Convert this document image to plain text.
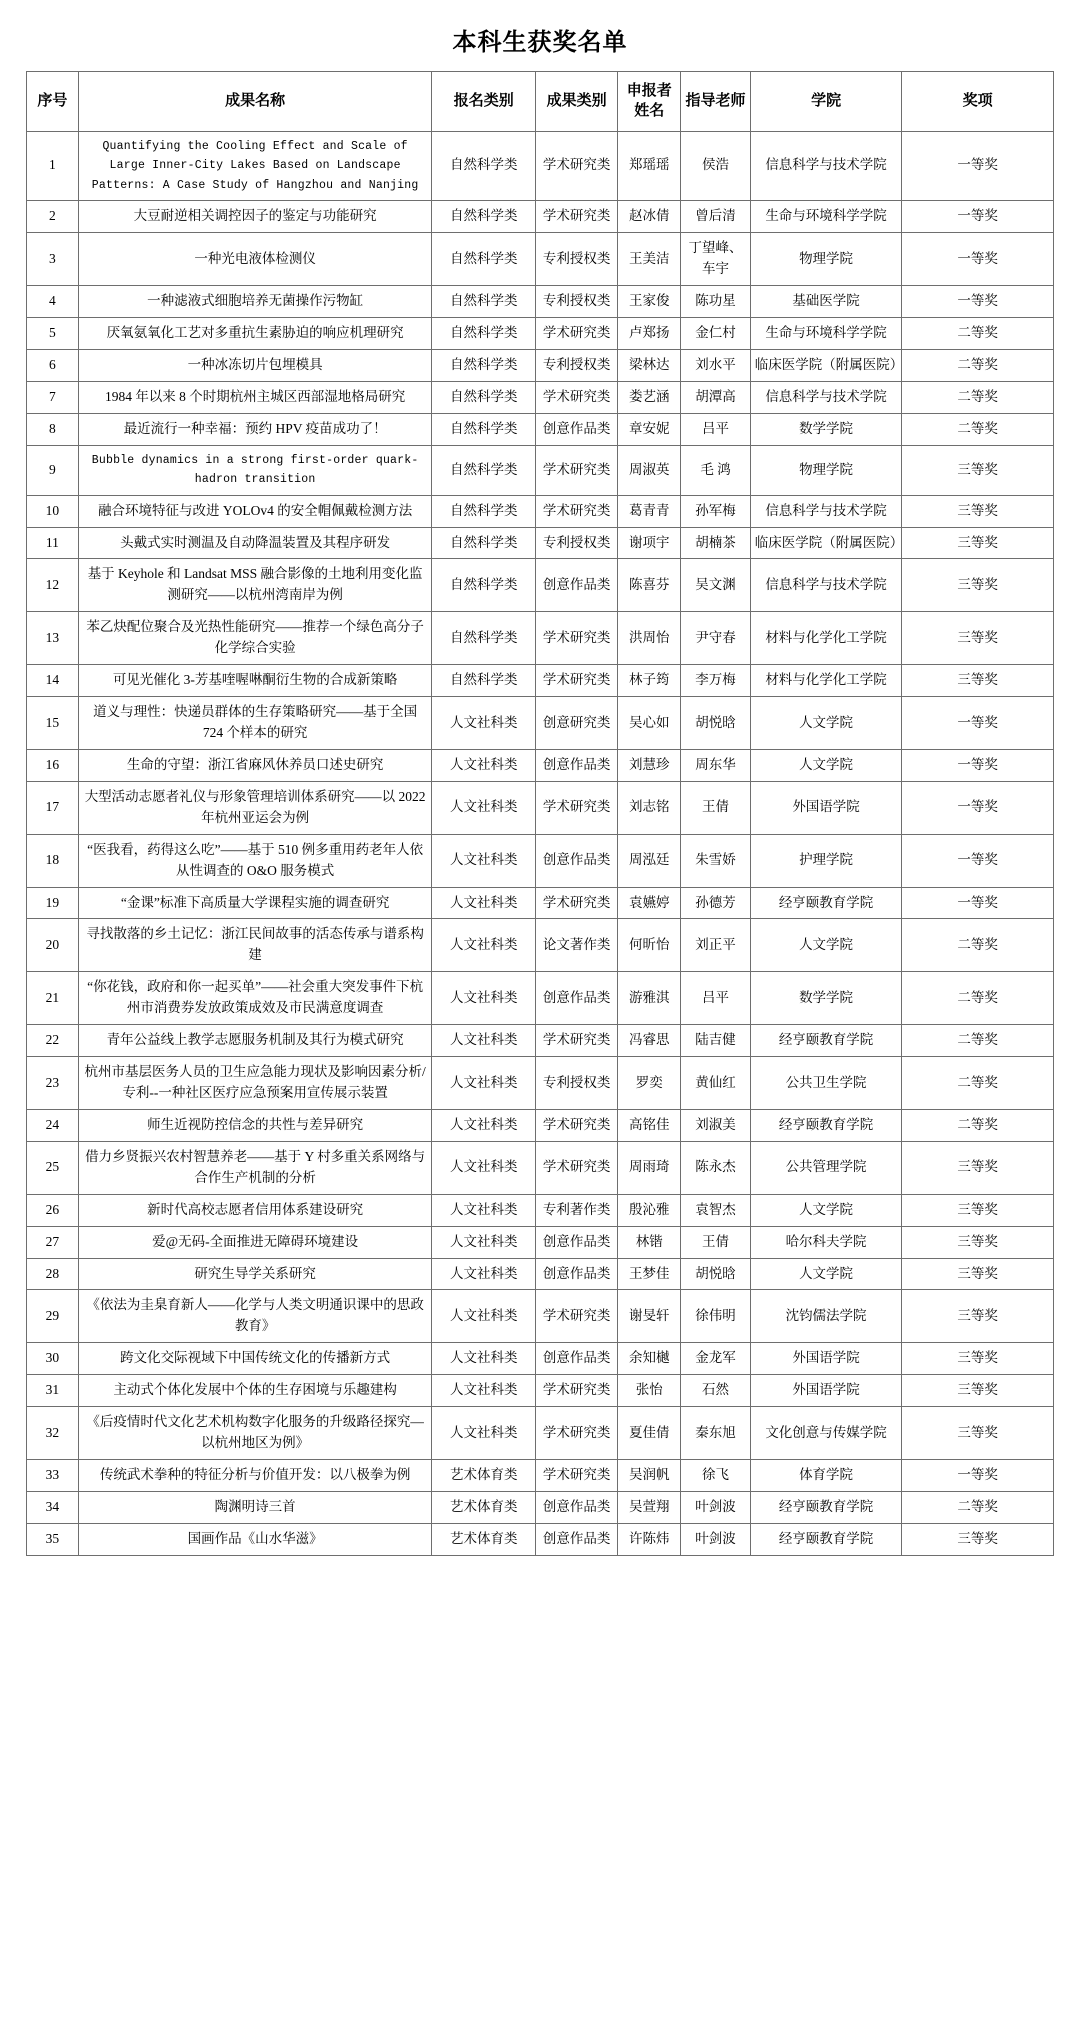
本科生获奖名单
序号	成果名称	报名类别	成果类别	申报者姓名	指导老师	学院	奖项
1	Quantifying the Cooling Effect and Scale of Large Inner-City Lakes Based on Landscape Patterns: A Case Study of Hangzhou and Nanjing	自然科学类	学术研究类	郑瑶瑶	侯浩	信息科学与技术学院	一等奖
2	大豆耐逆相关调控因子的鉴定与功能研究	自然科学类	学术研究类	赵冰倩	曾后清	生命与环境科学学院	一等奖
3	一种光电液体检测仪	自然科学类	专利授权类	王美洁	丁望峰、车宇	物理学院	一等奖
4	一种滤液式细胞培养无菌操作污物缸	自然科学类	专利授权类	王家俊	陈功星	基础医学院	一等奖
5	厌氧氨氧化工艺对多重抗生素胁迫的响应机理研究	自然科学类	学术研究类	卢郑扬	金仁村	生命与环境科学学院	二等奖
6	一种冰冻切片包埋模具	自然科学类	专利授权类	梁林达	刘水平	临床医学院（附属医院）	二等奖
7	1984 年以来 8 个时期杭州主城区西部湿地格局研究	自然科学类	学术研究类	娄艺涵	胡潭高	信息科学与技术学院	二等奖
8	最近流行一种幸福：预约 HPV 疫苗成功了！	自然科学类	创意作品类	章安妮	吕平	数学学院	二等奖
9	Bubble dynamics in a strong first-order quark-hadron transition	自然科学类	学术研究类	周淑英	毛 鸿	物理学院	三等奖
10	融合环境特征与改进 YOLOv4 的安全帽佩戴检测方法	自然科学类	学术研究类	葛青青	孙军梅	信息科学与技术学院	三等奖
11	头戴式实时测温及自动降温装置及其程序研发	自然科学类	专利授权类	谢项宇	胡楠茶	临床医学院（附属医院）	三等奖
12	基于 Keyhole 和 Landsat MSS 融合影像的土地利用变化监测研究——以杭州湾南岸为例	自然科学类	创意作品类	陈喜芬	吴文渊	信息科学与技术学院	三等奖
13	苯乙炔配位聚合及光热性能研究——推荐一个绿色高分子化学综合实验	自然科学类	学术研究类	洪周怡	尹守春	材料与化学化工学院	三等奖
14	可见光催化 3-芳基喹喔啉酮衍生物的合成新策略	自然科学类	学术研究类	林子筠	李万梅	材料与化学化工学院	三等奖
15	道义与理性：快递员群体的生存策略研究——基于全国 724 个样本的研究	人文社科类	创意研究类	吴心如	胡悦晗	人文学院	一等奖
16	生命的守望：浙江省麻风休养员口述史研究	人文社科类	创意作品类	刘慧珍	周东华	人文学院	一等奖
17	大型活动志愿者礼仪与形象管理培训体系研究——以 2022 年杭州亚运会为例	人文社科类	学术研究类	刘志铭	王倩	外国语学院	一等奖
18	“医我看，药得这么吃”——基于 510 例多重用药老年人依从性调查的 O&O 服务模式	人文社科类	创意作品类	周泓廷	朱雪娇	护理学院	一等奖
19	“金课”标准下高质量大学课程实施的调查研究	人文社科类	学术研究类	袁嬿婷	孙德芳	经亨颐教育学院	一等奖
20	寻找散落的乡土记忆：浙江民间故事的活态传承与谱系构建	人文社科类	论文著作类	何昕怡	刘正平	人文学院	二等奖
21	“你花钱，政府和你一起买单”——社会重大突发事件下杭州市消费券发放政策成效及市民满意度调查	人文社科类	创意作品类	游雅淇	吕平	数学学院	二等奖
22	青年公益线上教学志愿服务机制及其行为模式研究	人文社科类	学术研究类	冯睿思	陆吉健	经亨颐教育学院	二等奖
23	杭州市基层医务人员的卫生应急能力现状及影响因素分析/专利--一种社区医疗应急预案用宣传展示装置	人文社科类	专利授权类	罗奕	黄仙红	公共卫生学院	二等奖
24	师生近视防控信念的共性与差异研究	人文社科类	学术研究类	高铭佳	刘淑美	经亨颐教育学院	二等奖
25	借力乡贤振兴农村智慧养老——基于 Y 村多重关系网络与合作生产机制的分析	人文社科类	学术研究类	周雨琦	陈永杰	公共管理学院	三等奖
26	新时代高校志愿者信用体系建设研究	人文社科类	专利著作类	殷沁雅	袁智杰	人文学院	三等奖
27	爱@无码-全面推进无障碍环境建设	人文社科类	创意作品类	林锴	王倩	哈尔科夫学院	三等奖
28	研究生导学关系研究	人文社科类	创意作品类	王梦佳	胡悦晗	人文学院	三等奖
29	《依法为圭臬育新人——化学与人类文明通识课中的思政教育》	人文社科类	学术研究类	谢旻轩	徐伟明	沈钧儒法学院	三等奖
30	跨文化交际视域下中国传统文化的传播新方式	人文社科类	创意作品类	余知樾	金龙军	外国语学院	三等奖
31	主动式个体化发展中个体的生存困境与乐趣建构	人文社科类	学术研究类	张怡	石然	外国语学院	三等奖
32	《后疫情时代文化艺术机构数字化服务的升级路径探究—以杭州地区为例》	人文社科类	学术研究类	夏佳倩	秦东旭	文化创意与传媒学院	三等奖
33	传统武术拳种的特征分析与价值开发：以八极拳为例	艺术体育类	学术研究类	吴润帆	徐飞	体育学院	一等奖
34	陶渊明诗三首	艺术体育类	创意作品类	吴萱翔	叶剑波	经亨颐教育学院	二等奖
35	国画作品《山水华滋》	艺术体育类	创意作品类	许陈炜	叶剑波	经亨颐教育学院	三等奖
